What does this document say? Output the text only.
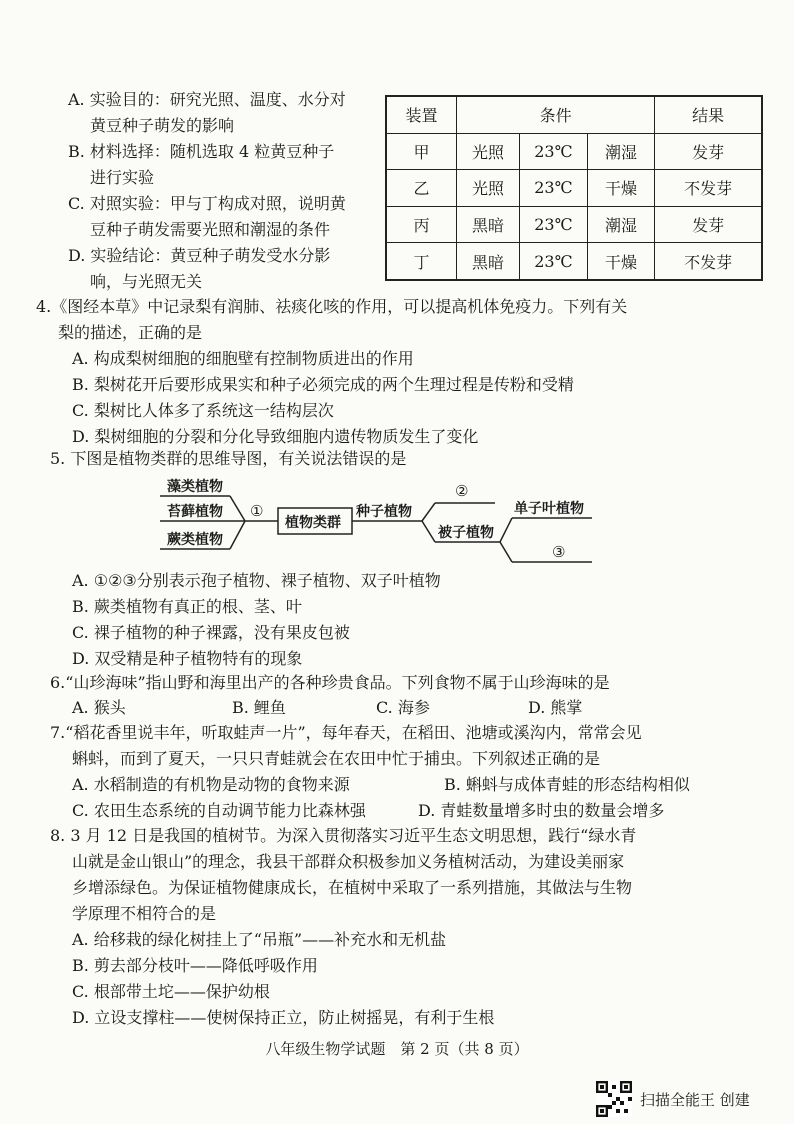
A. 实验目的：研究光照、温度、水分对
黄豆种子萌发的影响
B. 材料选择：随机选取 4 粒黄豆种子
进行实验
C. 对照实验：甲与丁构成对照，说明黄
豆种子萌发需要光照和潮湿的条件
D. 实验结论：黄豆种子萌发受水分影
响，与光照无关
装置	条件			结果
甲	光照	23℃	潮湿	发芽
乙	光照	23℃	干燥	不发芽
丙	黑暗	23℃	潮湿	发芽
丁	黑暗	23℃	干燥	不发芽
4.《图经本草》中记录梨有润肺、祛痰化咳的作用，可以提高机体免疫力。下列有关
梨的描述，正确的是
A. 构成梨树细胞的细胞壁有控制物质进出的作用
B. 梨树花开后要形成果实和种子必须完成的两个生理过程是传粉和受精
C. 梨树比人体多了系统这一结构层次
D. 梨树细胞的分裂和分化导致细胞内遗传物质发生了变化
5. 下图是植物类群的思维导图，有关说法错误的是
藻类植物
苔藓植物
蕨类植物
①
植物类群
种子植物
②
被子植物
单子叶植物
③
A. ①②③分别表示孢子植物、裸子植物、双子叶植物
B. 蕨类植物有真正的根、茎、叶
C. 裸子植物的种子裸露，没有果皮包被
D. 双受精是种子植物特有的现象
6.“山珍海味”指山野和海里出产的各种珍贵食品。下列食物不属于山珍海味的是
A. 猴头	B. 鲤鱼	C. 海参	D. 熊掌
7.“稻花香里说丰年，听取蛙声一片”，每年春天，在稻田、池塘或溪沟内，常常会见
蝌蚪，而到了夏天，一只只青蛙就会在农田中忙于捕虫。下列叙述正确的是
A. 水稻制造的有机物是动物的食物来源	B. 蝌蚪与成体青蛙的形态结构相似
C. 农田生态系统的自动调节能力比森林强	D. 青蛙数量增多时虫的数量会增多
8. 3 月 12 日是我国的植树节。为深入贯彻落实习近平生态文明思想，践行“绿水青
山就是金山银山”的理念，我县干部群众积极参加义务植树活动，为建设美丽家
乡增添绿色。为保证植物健康成长，在植树中采取了一系列措施，其做法与生物
学原理不相符合的是
A. 给移栽的绿化树挂上了“吊瓶”——补充水和无机盐
B. 剪去部分枝叶——降低呼吸作用
C. 根部带土坨——保护幼根
D. 立设支撑柱——使树保持正立，防止树摇晃，有利于生根
八年级生物学试题　第 2 页（共 8 页）
扫描全能王 创建
